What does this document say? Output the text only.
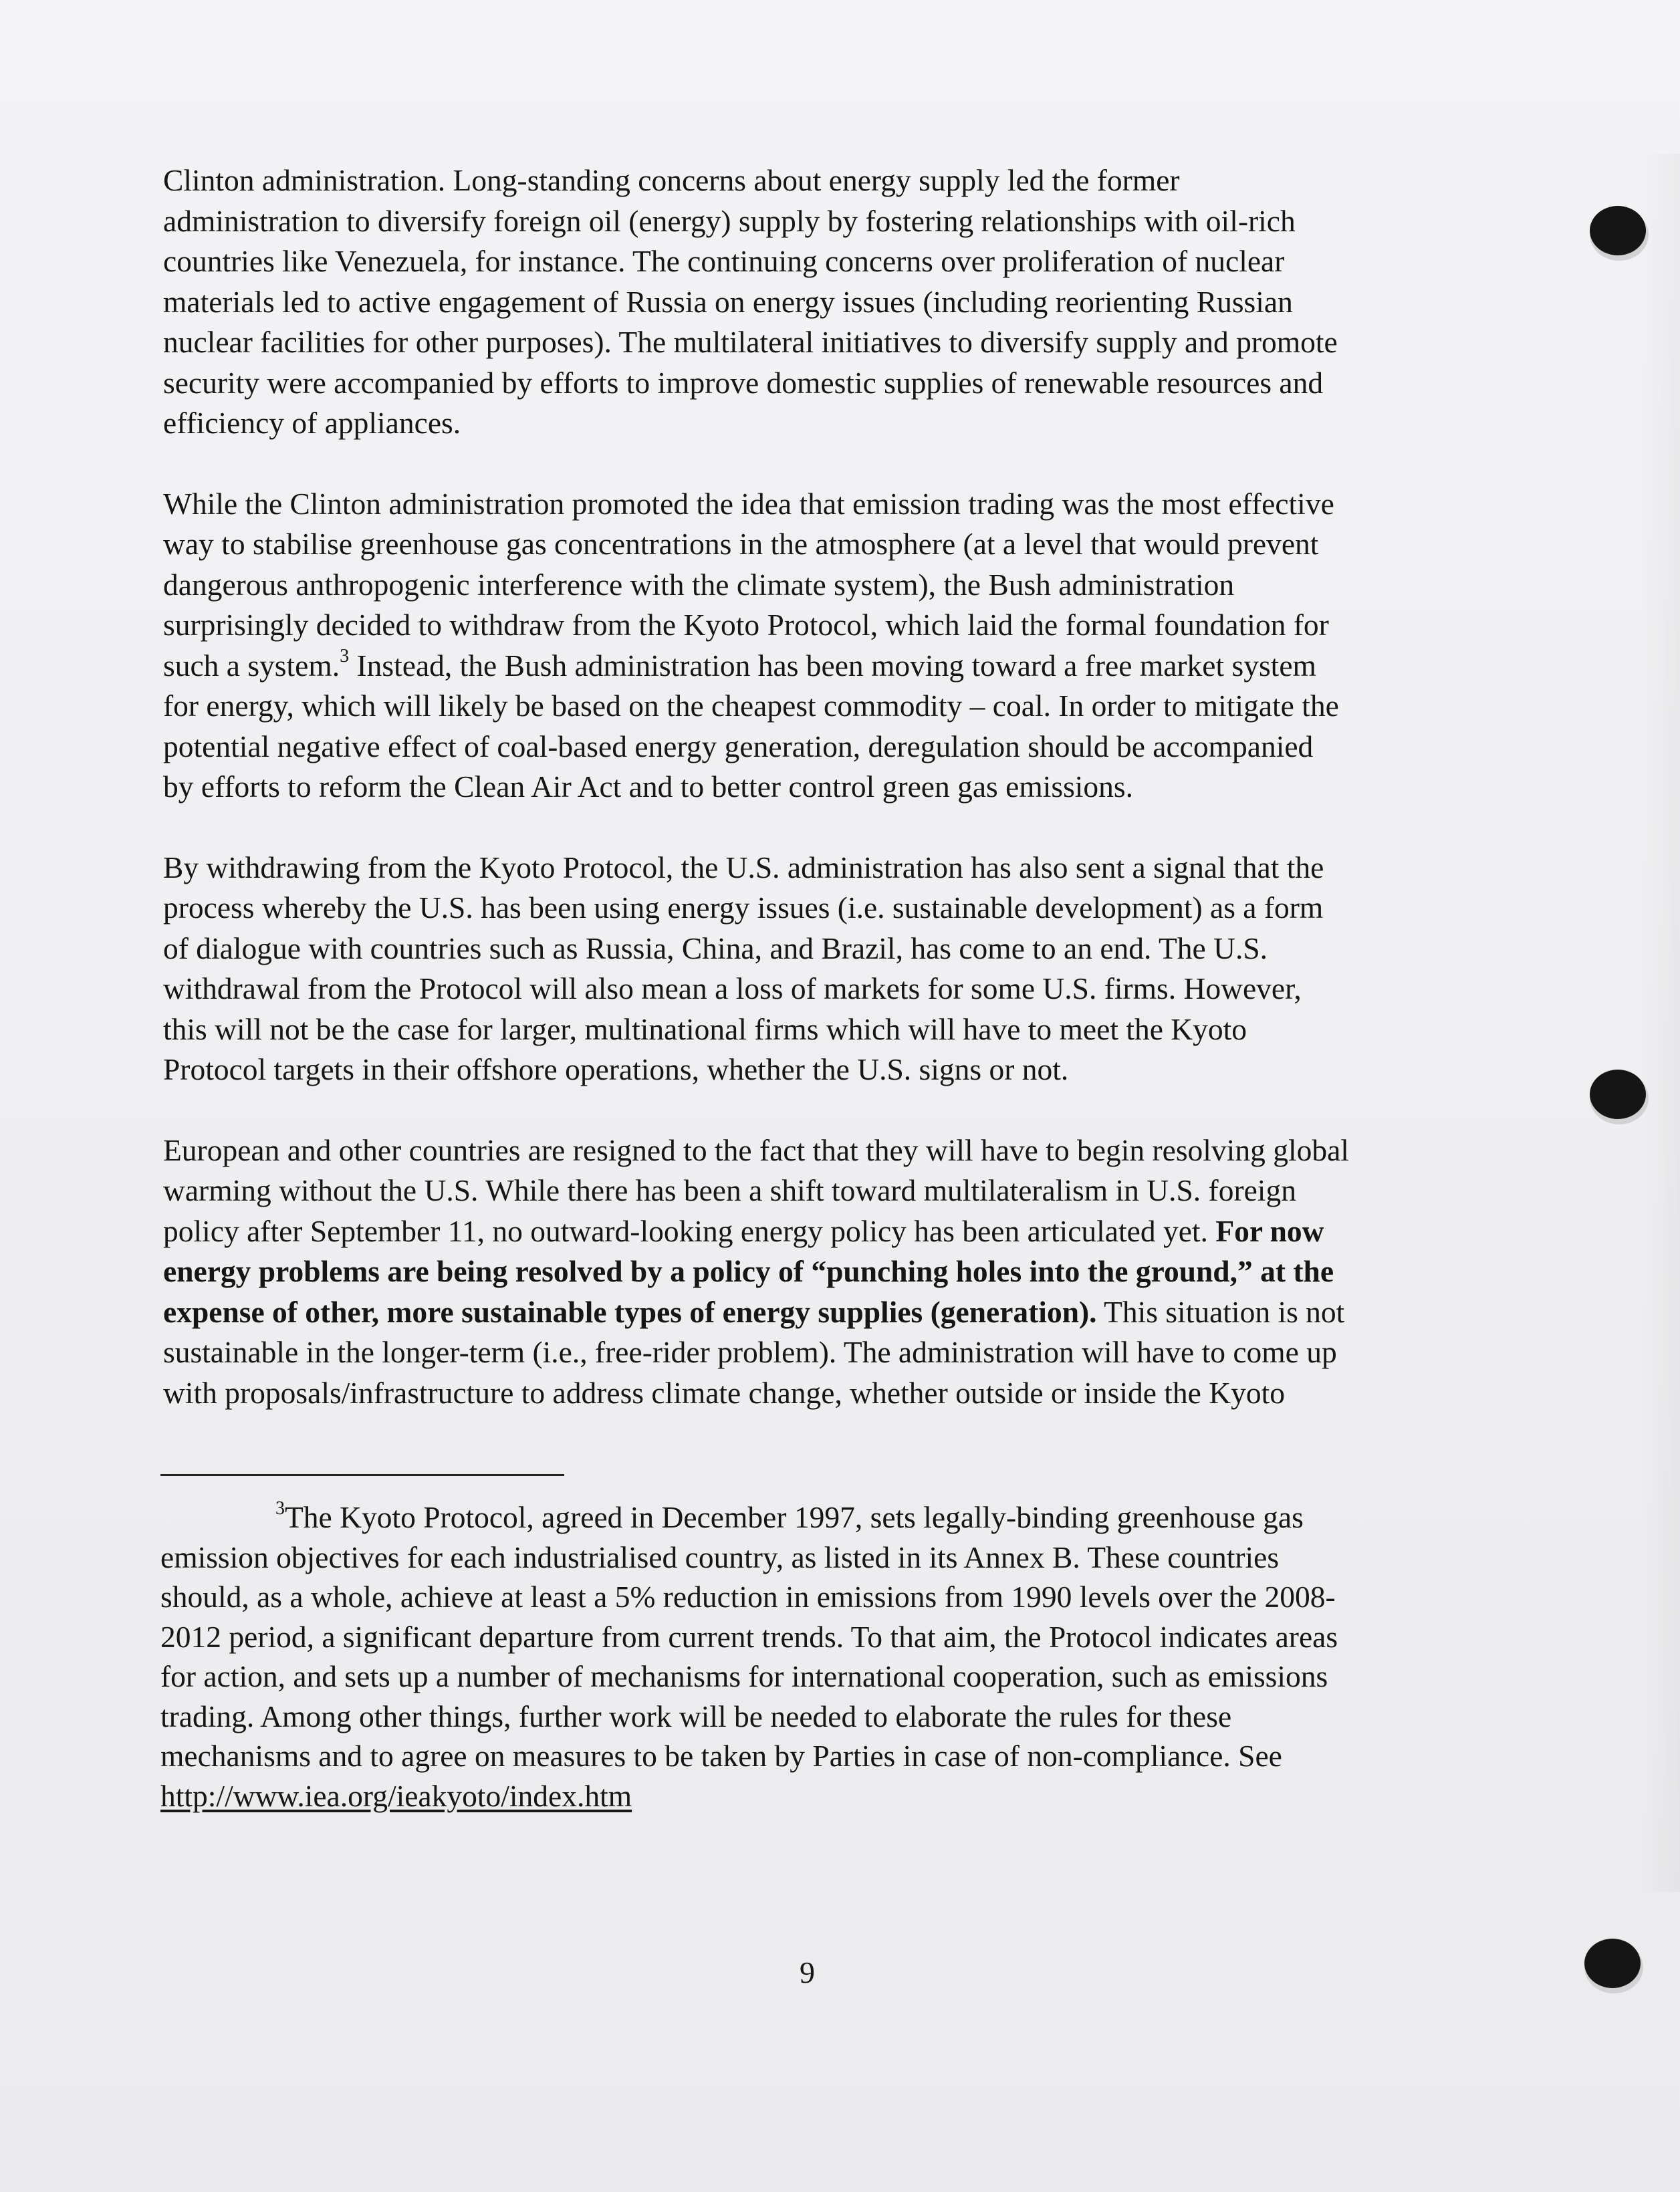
Clinton administration. Long-standing concerns about energy supply led the former
administration to diversify foreign oil (energy) supply by fostering relationships with oil-rich
countries like Venezuela, for instance. The continuing concerns over proliferation of nuclear
materials led to active engagement of Russia on energy issues (including reorienting Russian
nuclear facilities for other purposes). The multilateral initiatives to diversify supply and promote
security were accompanied by efforts to improve domestic supplies of renewable resources and
efficiency of appliances.

While the Clinton administration promoted the idea that emission trading was the most effective
way to stabilise greenhouse gas concentrations in the atmosphere (at a level that would prevent
dangerous anthropogenic interference with the climate system), the Bush administration
surprisingly decided to withdraw from the Kyoto Protocol, which laid the formal foundation for
such a system.$^3$ Instead, the Bush administration has been moving toward a free market system
for energy, which will likely be based on the cheapest commodity – coal. In order to mitigate the
potential negative effect of coal-based energy generation, deregulation should be accompanied
by efforts to reform the Clean Air Act and to better control green gas emissions.

By withdrawing from the Kyoto Protocol, the U.S. administration has also sent a signal that the
process whereby the U.S. has been using energy issues (i.e. sustainable development) as a form
of dialogue with countries such as Russia, China, and Brazil, has come to an end. The U.S.
withdrawal from the Protocol will also mean a loss of markets for some U.S. firms. However,
this will not be the case for larger, multinational firms which will have to meet the Kyoto
Protocol targets in their offshore operations, whether the U.S. signs or not.

European and other countries are resigned to the fact that they will have to begin resolving global
warming without the U.S. While there has been a shift toward multilateralism in U.S. foreign
policy after September 11, no outward-looking energy policy has been articulated yet. For now
energy problems are being resolved by a policy of “punching holes into the ground,” at the
expense of other, more sustainable types of energy supplies (generation). This situation is not
sustainable in the longer-term (i.e., free-rider problem). The administration will have to come up
with proposals/infrastructure to address climate change, whether outside or inside the Kyoto

$^3$The Kyoto Protocol, agreed in December 1997, sets legally-binding greenhouse gas
emission objectives for each industrialised country, as listed in its Annex B. These countries
should, as a whole, achieve at least a 5% reduction in emissions from 1990 levels over the 2008-
2012 period, a significant departure from current trends. To that aim, the Protocol indicates areas
for action, and sets up a number of mechanisms for international cooperation, such as emissions
trading. Among other things, further work will be needed to elaborate the rules for these
mechanisms and to agree on measures to be taken by Parties in case of non-compliance. See
http://www.iea.org/ieakyoto/index.htm
9
